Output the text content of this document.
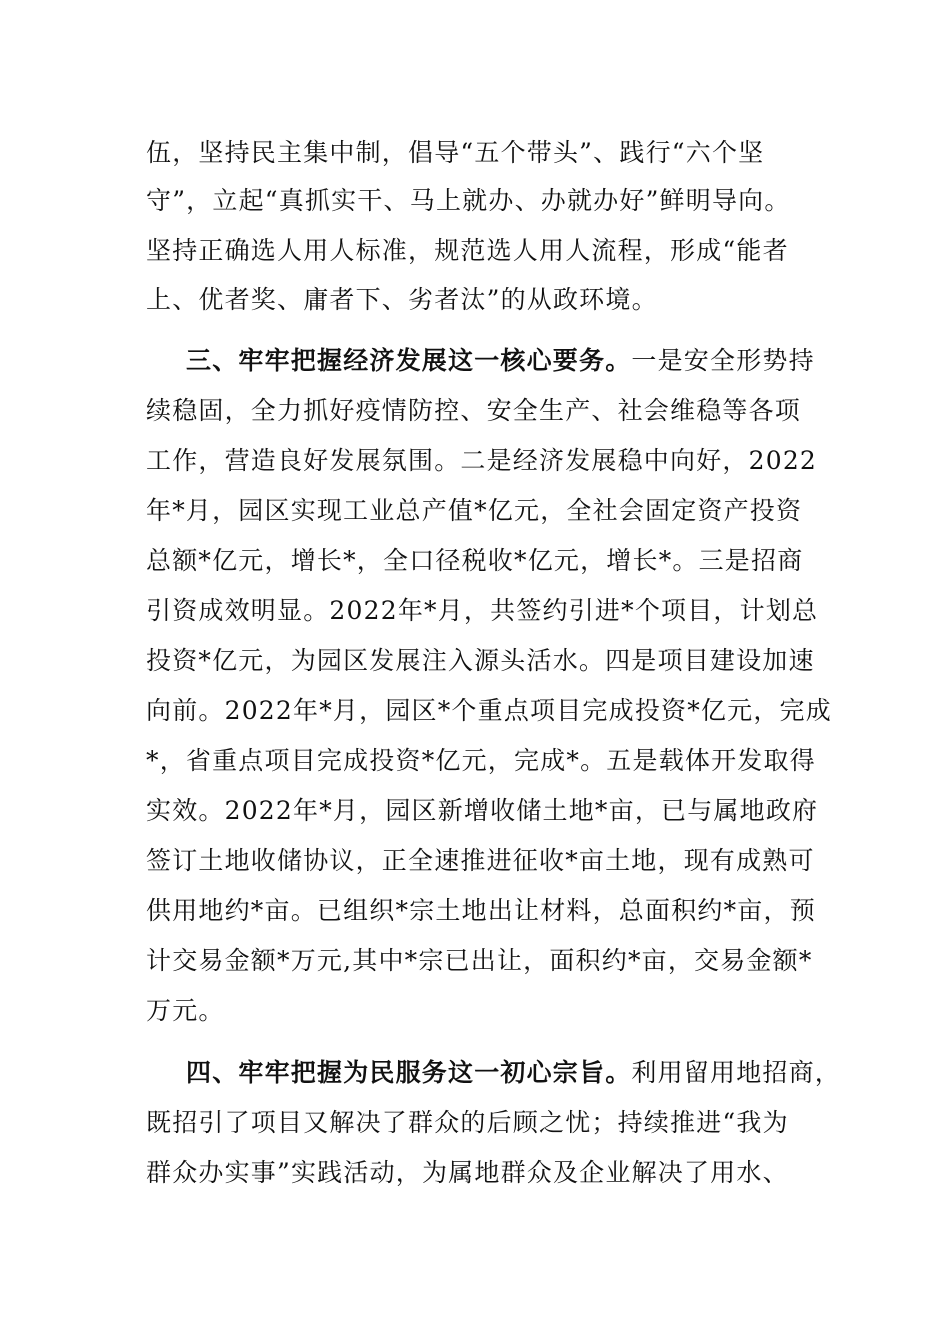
伍，坚持民主集中制，倡导“五个带头”、践行“六个坚
守”，立起“真抓实干、马上就办、办就办好”鲜明导向。
坚持正确选人用人标准，规范选人用人流程，形成“能者
上、优者奖、庸者下、劣者汰”的从政环境。
三、牢牢把握经济发展这一核心要务。一是安全形势持
续稳固，全力抓好疫情防控、安全生产、社会维稳等各项
工作，营造良好发展氛围。二是经济发展稳中向好，2022
年*月，园区实现工业总产值*亿元，全社会固定资产投资
总额*亿元，增长*，全口径税收*亿元，增长*。三是招商
引资成效明显。2022年*月，共签约引进*个项目，计划总
投资*亿元，为园区发展注入源头活水。四是项目建设加速
向前。2022年*月，园区*个重点项目完成投资*亿元，完成
*，省重点项目完成投资*亿元，完成*。五是载体开发取得
实效。2022年*月，园区新增收储土地*亩，已与属地政府
签订土地收储协议，正全速推进征收*亩土地，现有成熟可
供用地约*亩。已组织*宗土地出让材料，总面积约*亩，预
计交易金额*万元,其中*宗已出让，面积约*亩，交易金额*
万元。
四、牢牢把握为民服务这一初心宗旨。利用留用地招商，
既招引了项目又解决了群众的后顾之忧；持续推进“我为
群众办实事”实践活动，为属地群众及企业解决了用水、
